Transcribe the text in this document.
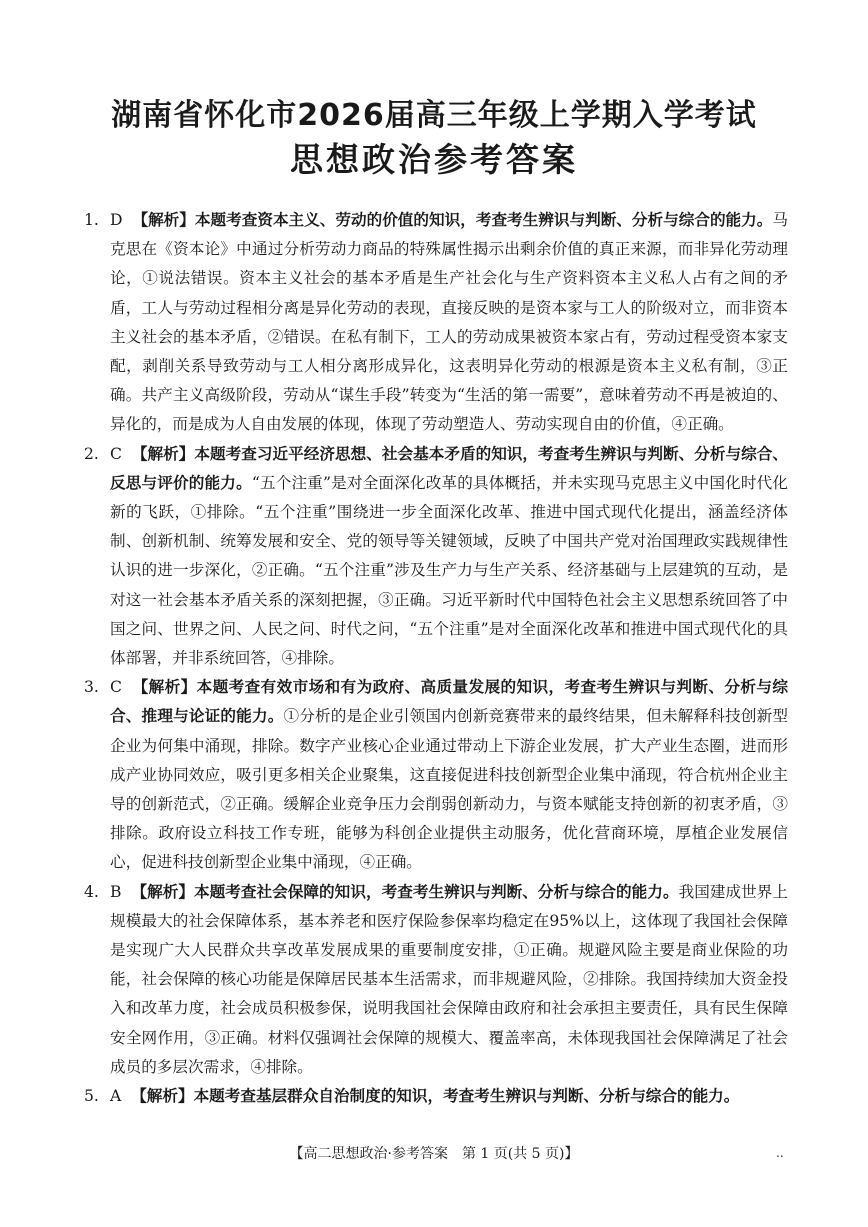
湖南省怀化市2026届高三年级上学期入学考试
思想政治参考答案
1. D 【解析】本题考查资本主义、劳动的价值的知识，考查考生辨识与判断、分析与综合的能力。马克思在《资本论》中通过分析劳动力商品的特殊属性揭示出剩余价值的真正来源，而非异化劳动理论，①说法错误。资本主义社会的基本矛盾是生产社会化与生产资料资本主义私人占有之间的矛盾，工人与劳动过程相分离是异化劳动的表现，直接反映的是资本家与工人的阶级对立，而非资本主义社会的基本矛盾，②错误。在私有制下，工人的劳动成果被资本家占有，劳动过程受资本家支配，剥削关系导致劳动与工人相分离形成异化，这表明异化劳动的根源是资本主义私有制，③正确。共产主义高级阶段，劳动从“谋生手段”转变为“生活的第一需要”，意味着劳动不再是被迫的、异化的，而是成为人自由发展的体现，体现了劳动塑造人、劳动实现自由的价值，④正确。
2. C 【解析】本题考查习近平经济思想、社会基本矛盾的知识，考查考生辨识与判断、分析与综合、反思与评价的能力。“五个注重”是对全面深化改革的具体概括，并未实现马克思主义中国化时代化新的飞跃，①排除。“五个注重”围绕进一步全面深化改革、推进中国式现代化提出，涵盖经济体制、创新机制、统筹发展和安全、党的领导等关键领域，反映了中国共产党对治国理政实践规律性认识的进一步深化，②正确。“五个注重”涉及生产力与生产关系、经济基础与上层建筑的互动，是对这一社会基本矛盾关系的深刻把握，③正确。习近平新时代中国特色社会主义思想系统回答了中国之问、世界之问、人民之问、时代之问，“五个注重”是对全面深化改革和推进中国式现代化的具体部署，并非系统回答，④排除。
3. C 【解析】本题考查有效市场和有为政府、高质量发展的知识，考查考生辨识与判断、分析与综合、推理与论证的能力。①分析的是企业引领国内创新竞赛带来的最终结果，但未解释科技创新型企业为何集中涌现，排除。数字产业核心企业通过带动上下游企业发展，扩大产业生态圈，进而形成产业协同效应，吸引更多相关企业聚集，这直接促进科技创新型企业集中涌现，符合杭州企业主导的创新范式，②正确。缓解企业竞争压力会削弱创新动力，与资本赋能支持创新的初衷矛盾，③排除。政府设立科技工作专班，能够为科创企业提供主动服务，优化营商环境，厚植企业发展信心，促进科技创新型企业集中涌现，④正确。
4. B 【解析】本题考查社会保障的知识，考查考生辨识与判断、分析与综合的能力。我国建成世界上规模最大的社会保障体系，基本养老和医疗保险参保率均稳定在95%以上，这体现了我国社会保障是实现广大人民群众共享改革发展成果的重要制度安排，①正确。规避风险主要是商业保险的功能，社会保障的核心功能是保障居民基本生活需求，而非规避风险，②排除。我国持续加大资金投入和改革力度，社会成员积极参保，说明我国社会保障由政府和社会承担主要责任，具有民生保障安全网作用，③正确。材料仅强调社会保障的规模大、覆盖率高，未体现我国社会保障满足了社会成员的多层次需求，④排除。
5. A 【解析】本题考查基层群众自治制度的知识，考查考生辨识与判断、分析与综合的能力。
【高二思想政治·参考答案　第 1 页(共 5 页)】	..
